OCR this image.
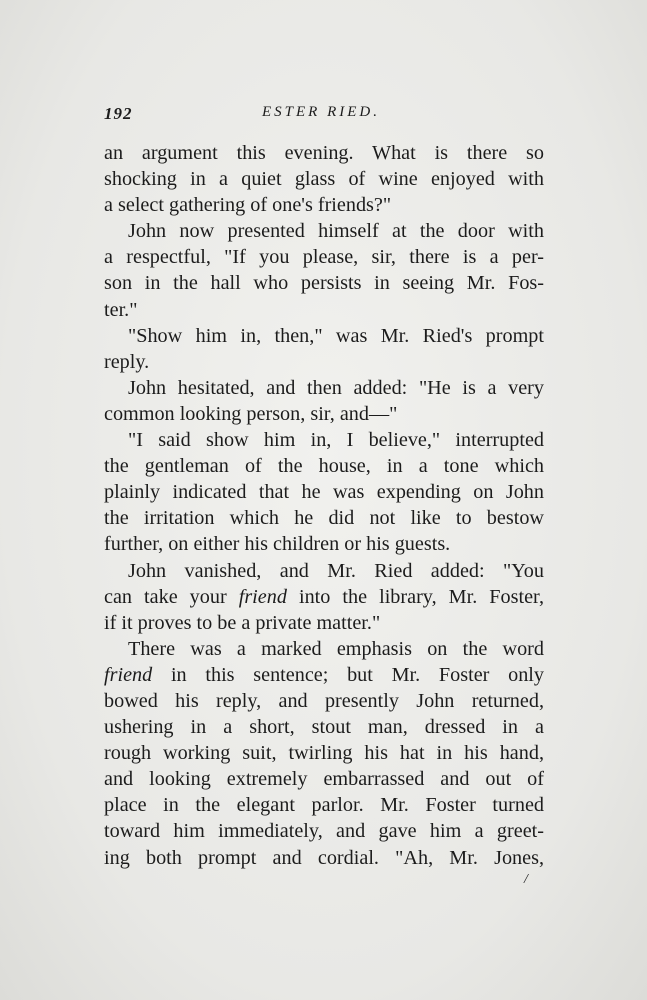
192	ESTER RIED.
an argument this evening. What is there so
shocking in a quiet glass of wine enjoyed with
a select gathering of one's friends?"
John now presented himself at the door with
a respectful, "If you please, sir, there is a per-
son in the hall who persists in seeing Mr. Fos-
ter."
"Show him in, then," was Mr. Ried's prompt
reply.
John hesitated, and then added: "He is a very
common looking person, sir, and—"
"I said show him in, I believe," interrupted
the gentleman of the house, in a tone which
plainly indicated that he was expending on John
the irritation which he did not like to bestow
further, on either his children or his guests.
John vanished, and Mr. Ried added: "You
can take your friend into the library, Mr. Foster,
if it proves to be a private matter."
There was a marked emphasis on the word
friend in this sentence; but Mr. Foster only
bowed his reply, and presently John returned,
ushering in a short, stout man, dressed in a
rough working suit, twirling his hat in his hand,
and looking extremely embarrassed and out of
place in the elegant parlor. Mr. Foster turned
toward him immediately, and gave him a greet-
ing both prompt and cordial. "Ah, Mr. Jones,
/
